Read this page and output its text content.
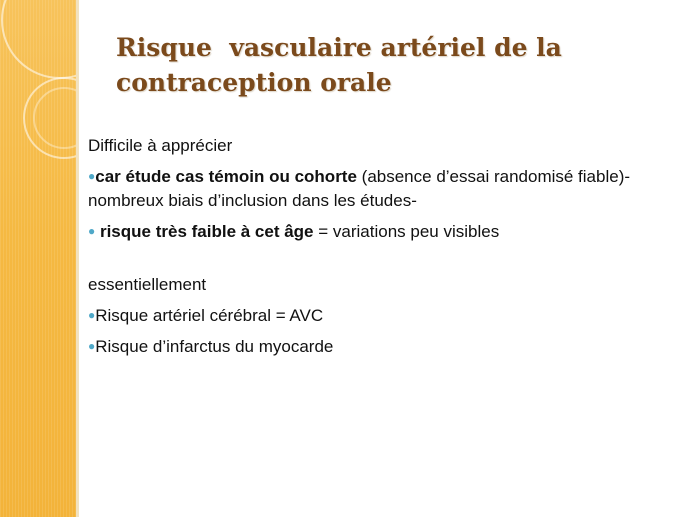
Risque  vasculaire artériel de la contraception orale

Difficile à apprécier

●car étude cas témoin ou cohorte (absence d’essai randomisé fiable)-nombreux biais d’inclusion dans les études-

● risque très faible à cet âge = variations peu visibles

essentiellement

●Risque artériel cérébral = AVC

●Risque d’infarctus du myocarde
